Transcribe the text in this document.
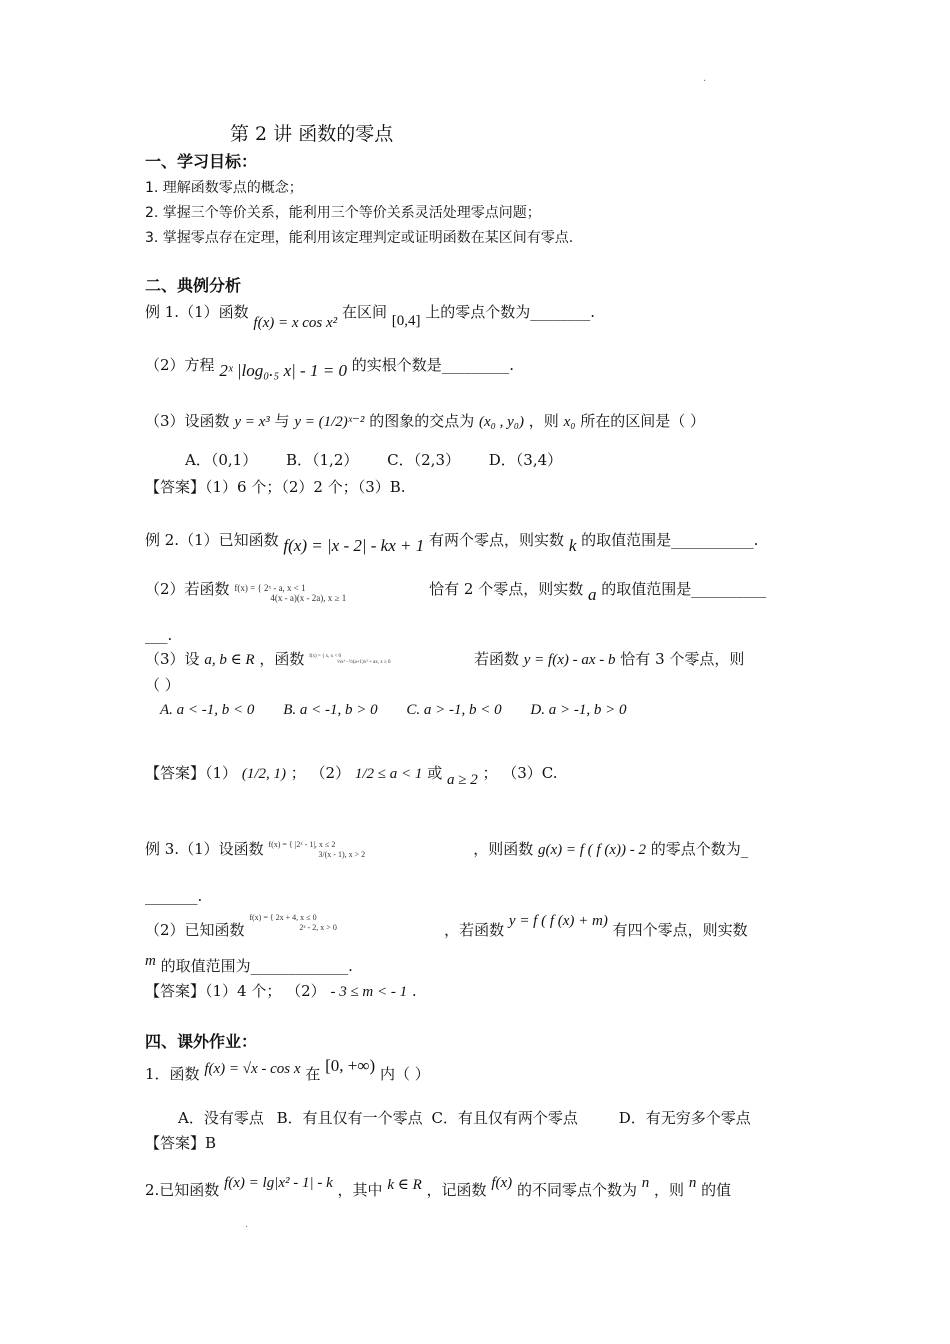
·
第 2 讲 函数的零点
一、学习目标：
1. 理解函数零点的概念；
2. 掌握三个等价关系，能利用三个等价关系灵活处理零点问题；
3. 掌握零点存在定理，能利用该定理判定或证明函数在某区间有零点.
二、典例分析
例 1.（1）函数 f(x) = x cos x² 在区间 [0,4] 上的零点个数为________.
（2）方程 2ˣ |log₀.₅ x| - 1 = 0 的实根个数是_________.
（3）设函数 y = x³ 与 y = (1/2)ˣ⁻² 的图象的交点为 (x₀ , y₀) ，则 x₀ 所在的区间是（ ）
A．（0,1） B．（1,2） C．（2,3） D．（3,4）
【答案】（1）6 个；（2）2 个；（3）B.
例 2.（1）已知函数 f(x) = |x - 2| - kx + 1 有两个零点，则实数 k 的取值范围是___________.
（2）若函数 f(x) = { 2ˣ - a, x < 1
4(x - a)(x - 2a), x ≥ 1	恰有 2 个零点，则实数 a 的取值范围是__________
___.
（3）设 a, b ∈ R ，函数 f(x) = { x, x < 0
⅓x³ - ½(a+1)x² + ax, x ≥ 0	若函数 y = f(x) - ax - b 恰有 3 个零点，则
（ ）
A. a < -1, b < 0 B. a < -1, b > 0 C. a > -1, b < 0 D. a > -1, b > 0
【答案】（1） (1/2, 1) ； （2） 1/2 ≤ a < 1 或 a ≥ 2 ； （3）C.
例 3.（1）设函数 f(x) = { |2ˣ - 1|, x ≤ 2
3/(x - 1), x > 2	，则函数 g(x) = f ( f (x)) - 2 的零点个数为_
_______.
（2）已知函数
f(x) = { 2x + 4, x ≤ 0
2ˣ - 2, x > 0	，若函数 y = f ( f (x) + m) 有四个零点，则实数
m 的取值范围为_____________.
【答案】（1）4 个； （2） - 3 ≤ m < - 1 .
四、课外作业：
1．函数 f(x) = √x - cos x 在 [0, +∞) 内（ ）
A．没有零点 B．有且仅有一个零点 C．有且仅有两个零点	D．有无穷多个零点
【答案】B
2.已知函数 f(x) = lg|x² - 1| - k ，其中 k ∈ R ，记函数 f(x) 的不同零点个数为 n ，则 n 的值
·
